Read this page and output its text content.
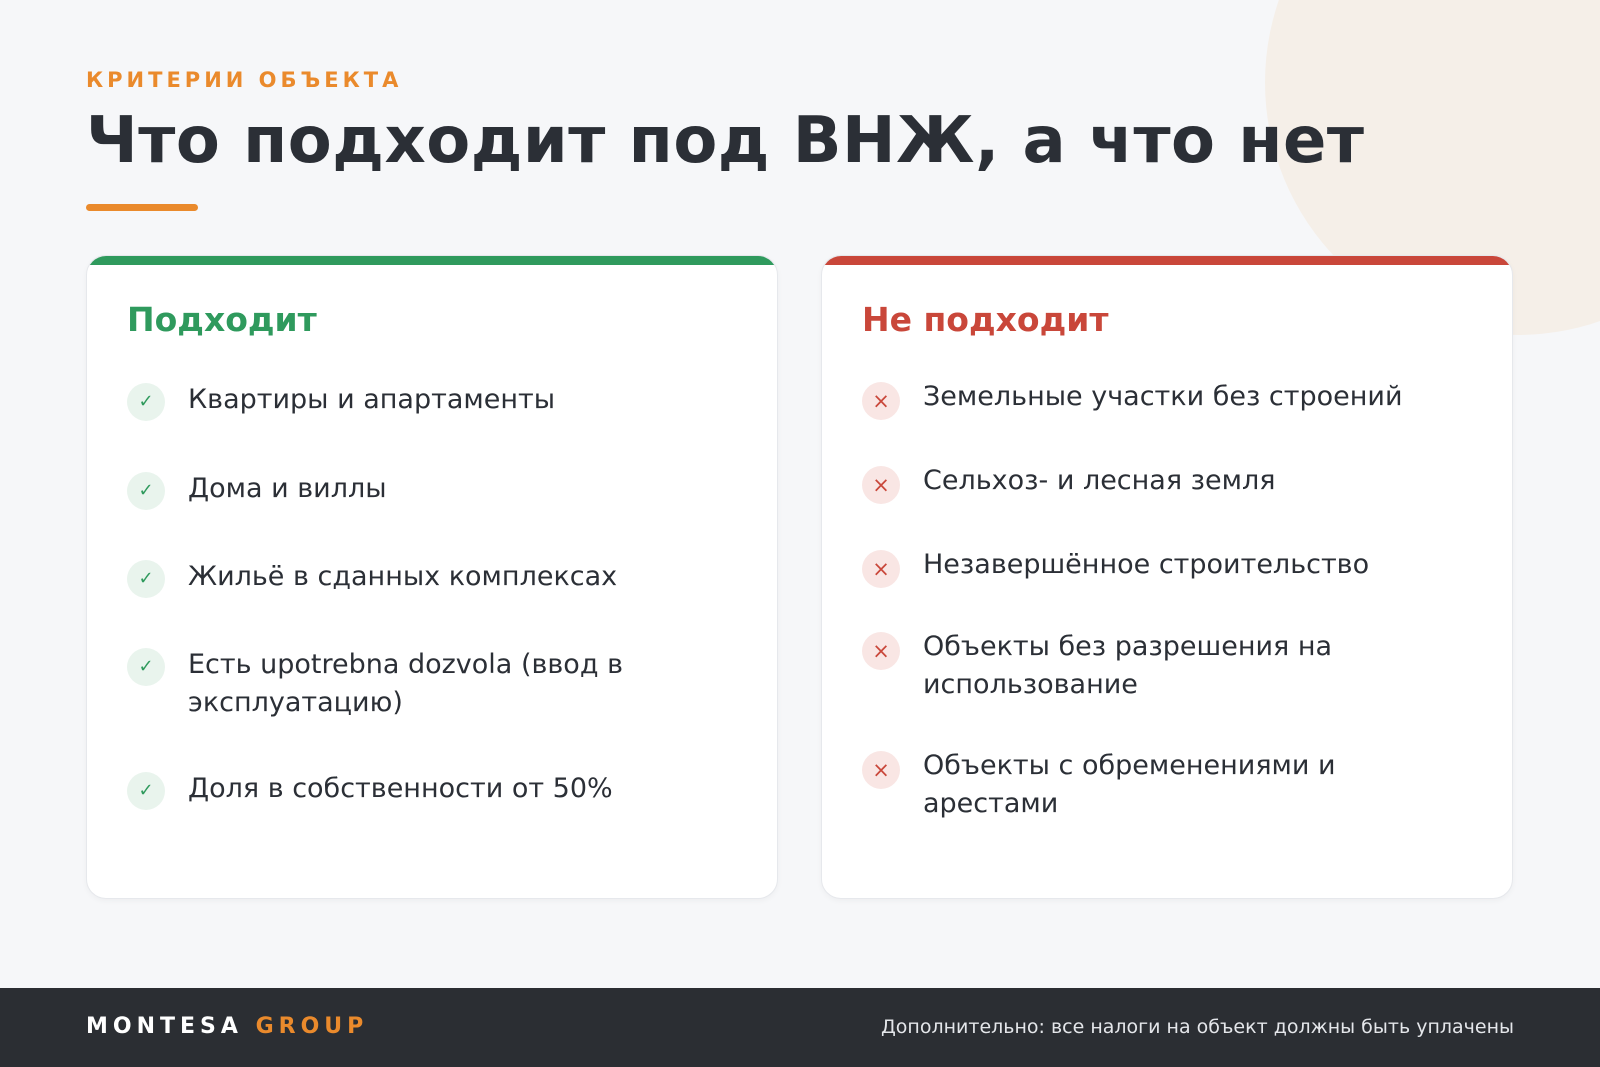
КРИТЕРИИ ОБЪЕКТА
Что подходит под ВНЖ, а что нет
Подходит
✓	Квартиры и апартаменты
✓	Дома и виллы
✓	Жильё в сданных комплексах
✓	Есть upotrebna dozvola (ввод в эксплуатацию)
✓	Доля в собственности от 50%
Не подходит
×	Земельные участки без строений
×	Сельхоз- и лесная земля
×	Незавершённое строительство
×	Объекты без разрешения на использование
×	Объекты с обременениями и арестами
MONTESA GROUP	Дополнительно: все налоги на объект должны быть уплачены
